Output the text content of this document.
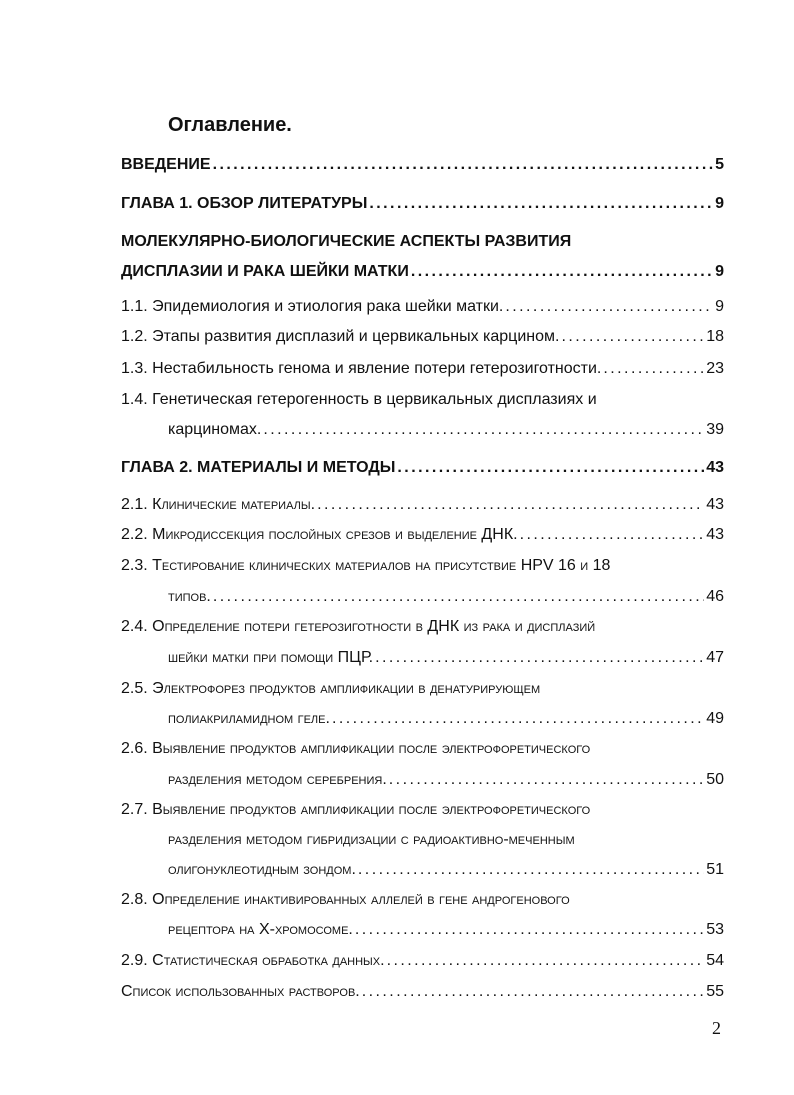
Оглавление.
ВВЕДЕНИЕ . . .	5
ГЛАВА 1. ОБЗОР ЛИТЕРАТУРЫ . . .	9
МОЛЕКУЛЯРНО-БИОЛОГИЧЕСКИЕ АСПЕКТЫ РАЗВИТИЯ
ДИСПЛАЗИИ И РАКА ШЕЙКИ МАТКИ . . .	9
1.1. Эпидемиология и этиология рака шейки матки. . . .	9
1.2. Этапы развития дисплазий и цервикальных карцином. . . .	18
1.3. Нестабильность генома и явление потери гетерозиготности. . . .	23
1.4. Генетическая гетерогенность в цервикальных дисплазиях и
карциномах. . . .	39
ГЛАВА 2. МАТЕРИАЛЫ И МЕТОДЫ . . .	43
2.1. Клинические материалы. . . .	43
2.2. Микродиссекция послойных срезов и выделение ДНК. . . .	43
2.3. Тестирование клинических материалов на присутствие HPV 16 и 18
типов. . . .	46
2.4. Определение потери гетерозиготности в ДНК из рака и дисплазий
шейки матки при помощи ПЦР. . . .	47
2.5. Электрофорез продуктов амплификации в денатурирующем
полиакриламидном геле. . . .	49
2.6. Выявление продуктов амплификации после электрофоретического
разделения методом серебрения. . . .	50
2.7. Выявление продуктов амплификации после электрофоретического
разделения методом гибридизации с радиоактивно-меченным
олигонуклеотидным зондом. . . .	51
2.8. Определение инактивированных аллелей в гене андрогенового
рецептора на Х-хромосоме. . . .	53
2.9. Статистическая обработка данных. . . .	54
Список использованных растворов. . . .	55
2
